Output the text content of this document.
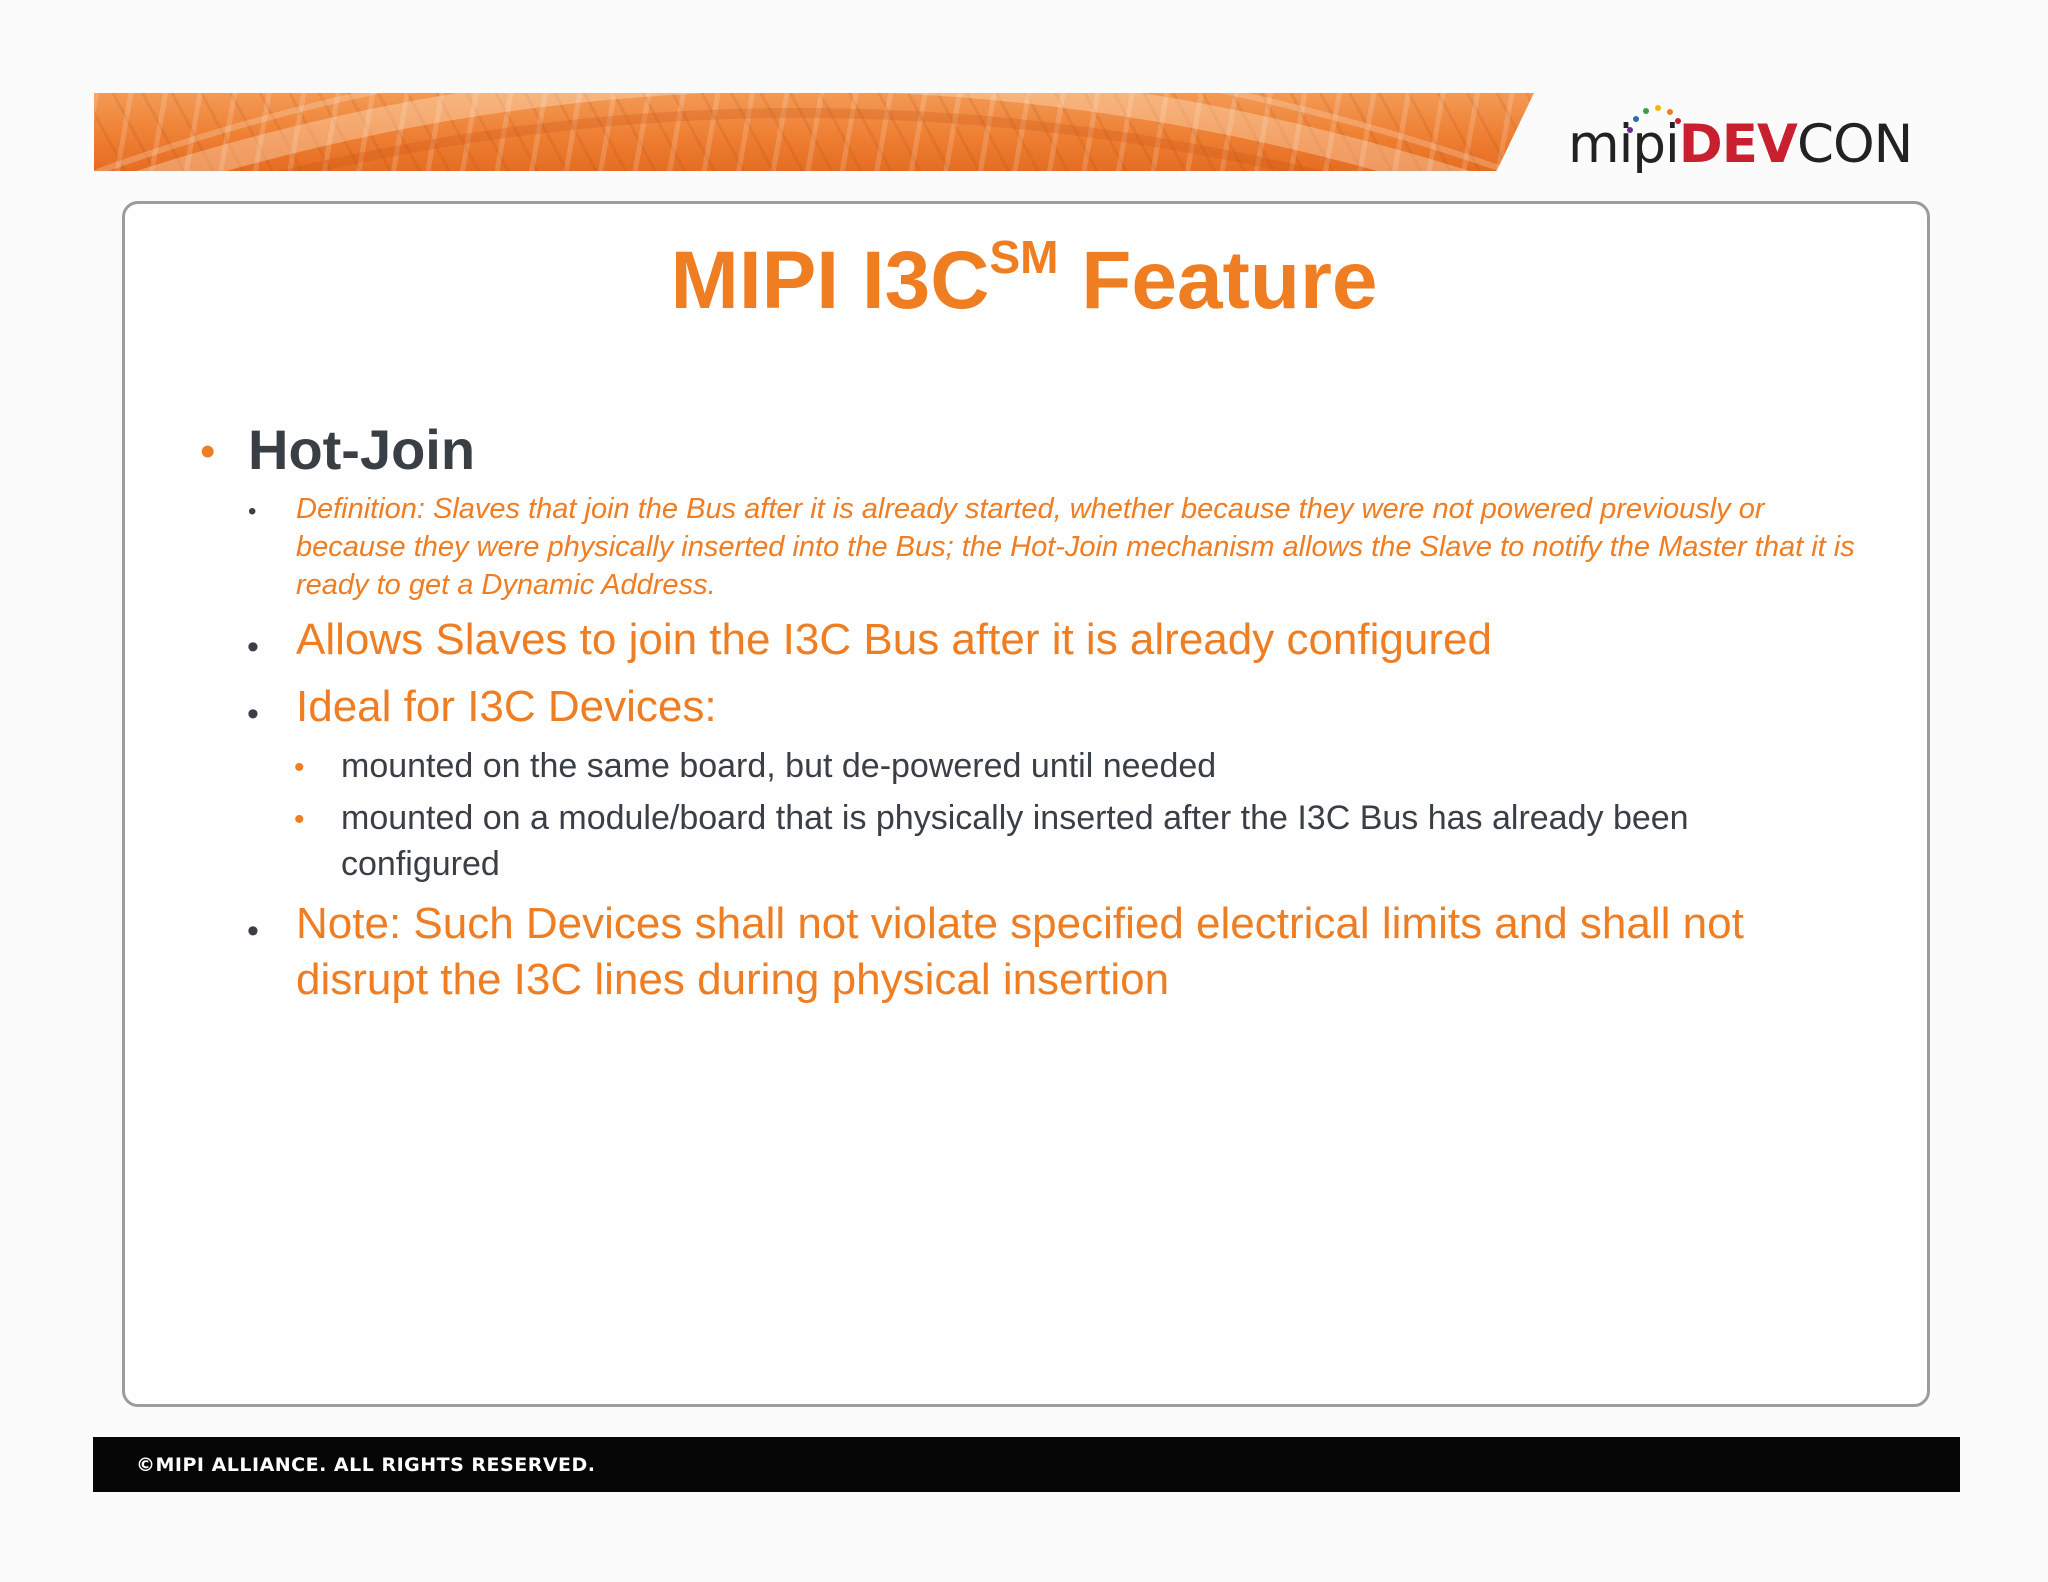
mipiDEVCON
MIPI I3C℠ Feature
• Hot-Join
• Definition: Slaves that join the Bus after it is already started, whether because they were not powered previously or because they were physically inserted into the Bus; the Hot-Join mechanism allows the Slave to notify the Master that it is ready to get a Dynamic Address.
• Allows Slaves to join the I3C Bus after it is already configured
• Ideal for I3C Devices:
• mounted on the same board, but de-powered until needed
• mounted on a module/board that is physically inserted after the I3C Bus has already been configured
• Note: Such Devices shall not violate specified electrical limits and shall not disrupt the I3C lines during physical insertion
©MIPI ALLIANCE. ALL RIGHTS RESERVED.
